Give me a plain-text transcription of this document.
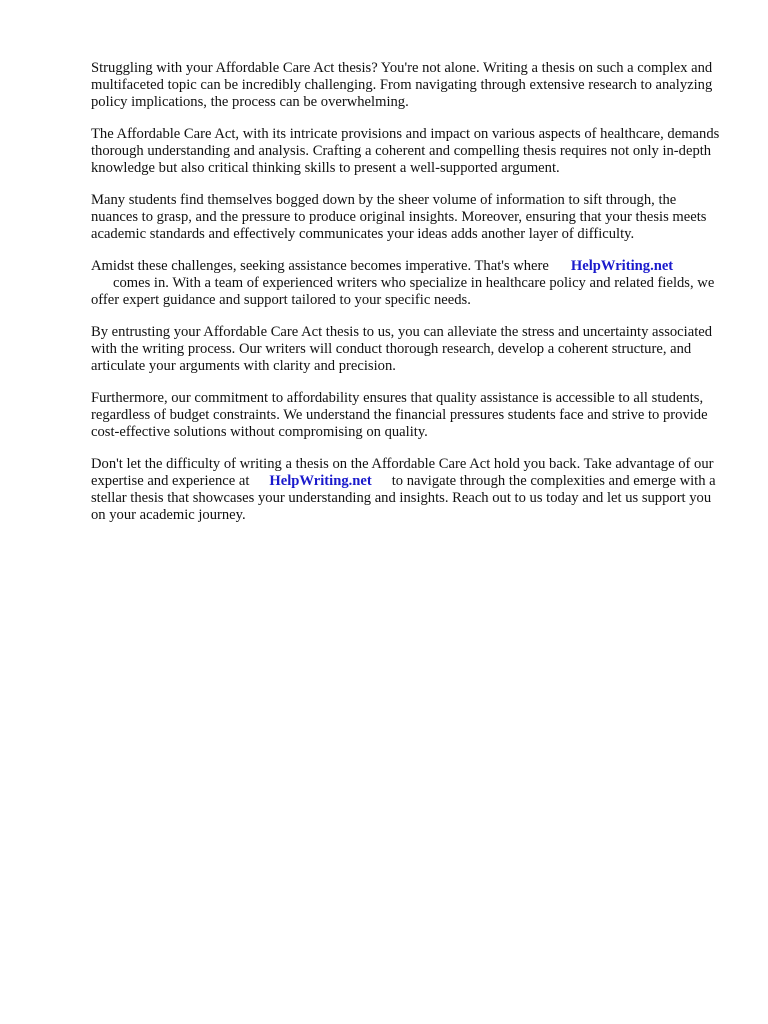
Struggling with your Affordable Care Act thesis? You're not alone. Writing a thesis on such a complex and multifaceted topic can be incredibly challenging. From navigating through extensive research to analyzing policy implications, the process can be overwhelming.

The Affordable Care Act, with its intricate provisions and impact on various aspects of healthcare, demands thorough understanding and analysis. Crafting a coherent and compelling thesis requires not only in-depth knowledge but also critical thinking skills to present a well-supported argument.

Many students find themselves bogged down by the sheer volume of information to sift through, the nuances to grasp, and the pressure to produce original insights. Moreover, ensuring that your thesis meets academic standards and effectively communicates your ideas adds another layer of difficulty.

Amidst these challenges, seeking assistance becomes imperative. That's where HelpWriting.net
comes in. With a team of experienced writers who specialize in healthcare policy and related fields, we offer expert guidance and support tailored to your specific needs.

By entrusting your Affordable Care Act thesis to us, you can alleviate the stress and uncertainty associated with the writing process. Our writers will conduct thorough research, develop a coherent structure, and articulate your arguments with clarity and precision.

Furthermore, our commitment to affordability ensures that quality assistance is accessible to all students, regardless of budget constraints. We understand the financial pressures students face and strive to provide cost-effective solutions without compromising on quality.

Don't let the difficulty of writing a thesis on the Affordable Care Act hold you back. Take advantage of our expertise and experience at HelpWriting.net to navigate through the complexities and emerge with a stellar thesis that showcases your understanding and insights. Reach out to us today and let us support you on your academic journey.
